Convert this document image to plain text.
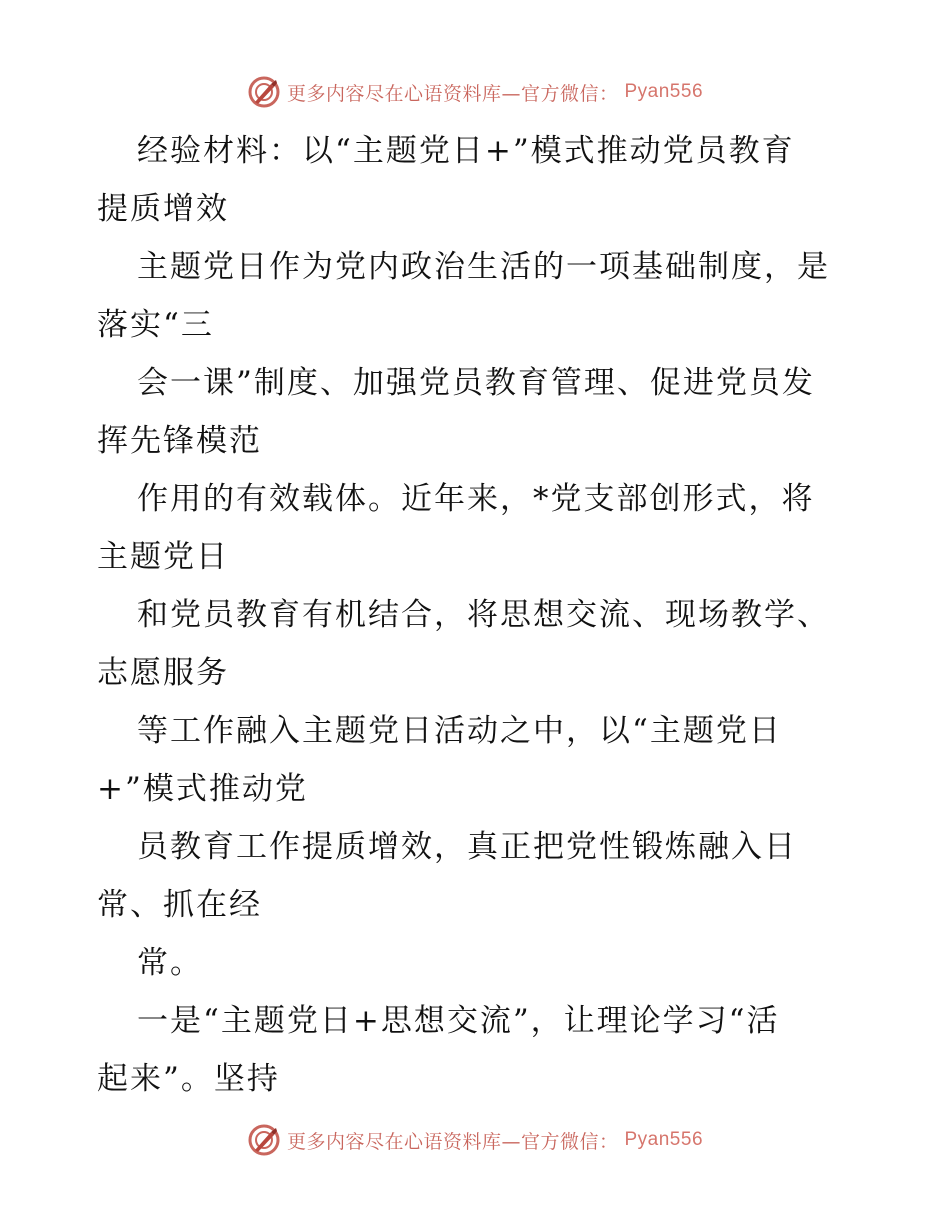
更多内容尽在心语资料库—官方微信： Pyan556
经验材料：以“主题党日+”模式推动党员教育
提质增效
主题党日作为党内政治生活的一项基础制度，是
落实“三
会一课”制度、加强党员教育管理、促进党员发
挥先锋模范
作用的有效载体。近年来，*党支部创形式，将
主题党日
和党员教育有机结合，将思想交流、现场教学、
志愿服务
等工作融入主题党日活动之中，以“主题党日
+”模式推动党
员教育工作提质增效，真正把党性锻炼融入日
常、抓在经
常。
一是“主题党日+思想交流”，让理论学习“活
起来”。坚持
更多内容尽在心语资料库—官方微信： Pyan556
